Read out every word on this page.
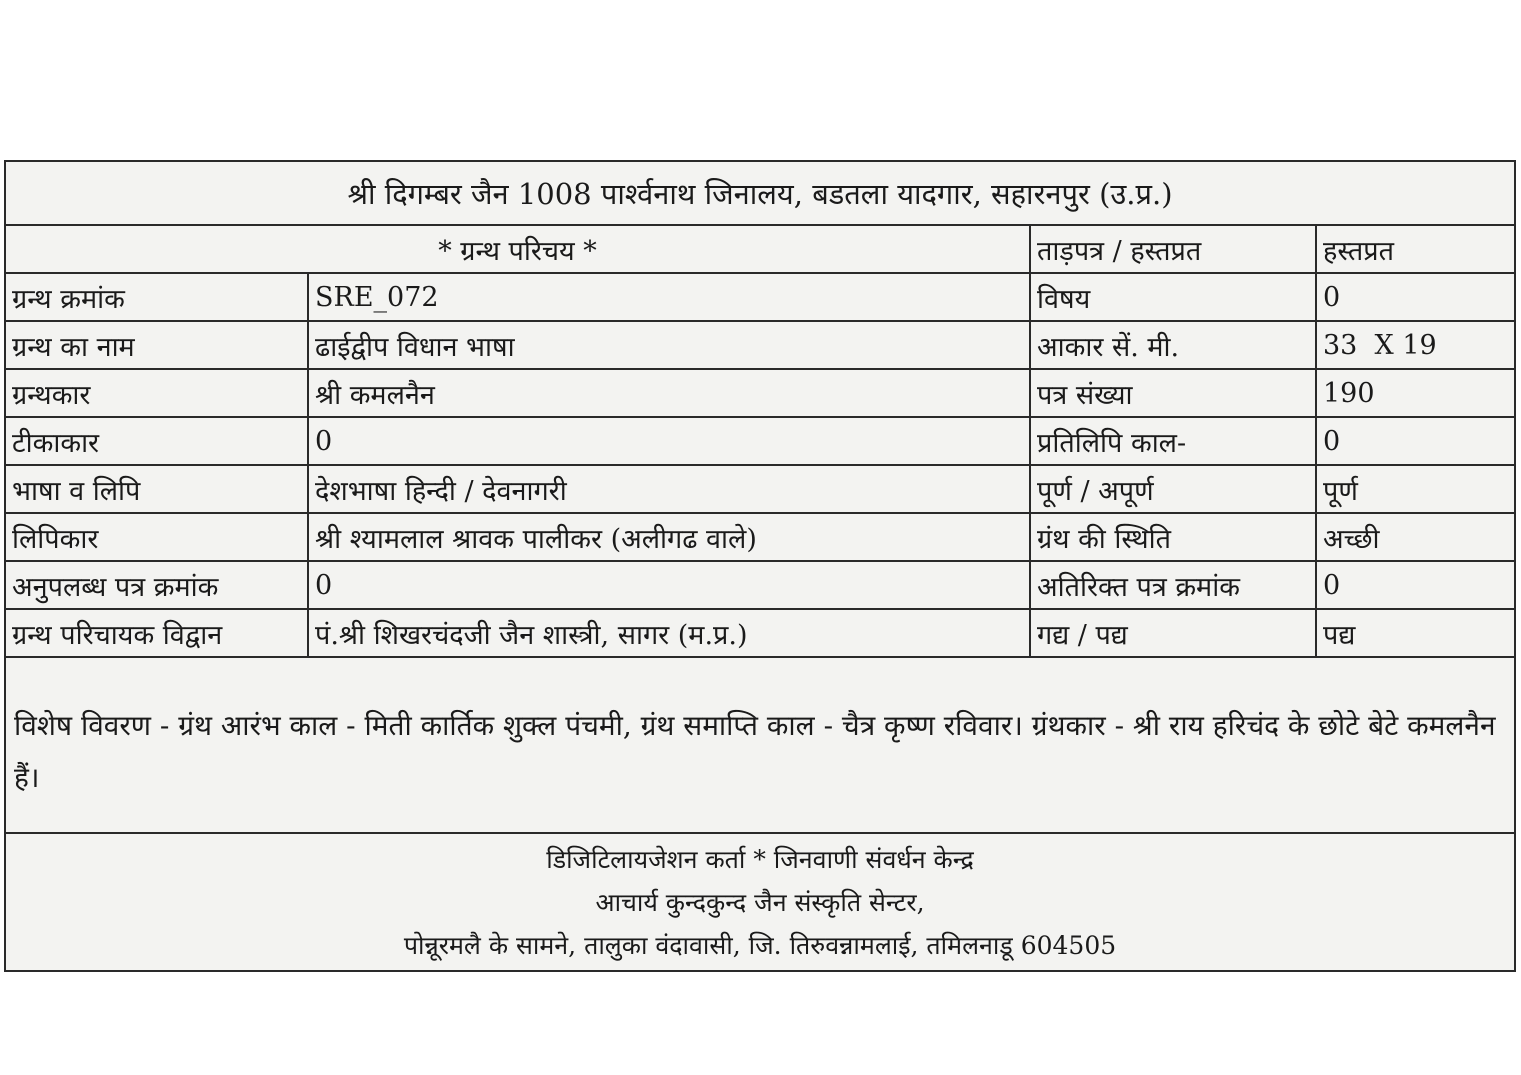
श्री दिगम्बर जैन 1008 पार्श्वनाथ जिनालय, बडतला यादगार, सहारनपुर (उ.प्र.)
* ग्रन्थ परिचय *		ताड़पत्र / हस्तप्रत	हस्तप्रत
ग्रन्थ क्रमांक	SRE_072	विषय	0
ग्रन्थ का नाम	ढाईद्वीप विधान भाषा	आकार सें. मी.	33  X 19
ग्रन्थकार	श्री कमलनैन	पत्र संख्या	190
टीकाकार	0	प्रतिलिपि काल-	0
भाषा व लिपि	देशभाषा हिन्दी / देवनागरी	पूर्ण / अपूर्ण	पूर्ण
लिपिकार	श्री श्यामलाल श्रावक पालीकर (अलीगढ वाले)	ग्रंथ की स्थिति	अच्छी
अनुपलब्ध पत्र क्रमांक	0	अतिरिक्त पत्र क्रमांक	0
ग्रन्थ परिचायक विद्वान	पं.श्री शिखरचंदजी जैन शास्त्री, सागर (म.प्र.)	गद्य / पद्य	पद्य
विशेष विवरण - ग्रंथ आरंभ काल - मिती कार्तिक शुक्ल पंचमी, ग्रंथ समाप्ति काल - चैत्र कृष्ण रविवार। ग्रंथकार - श्री राय हरिचंद के छोटे बेटे कमलनैन हैं।
डिजिटिलायजेशन कर्ता * जिनवाणी संवर्धन केन्द्र
आचार्य कुन्दकुन्द जैन संस्कृति सेन्टर,
पोन्नूरमलै के सामने, तालुका वंदावासी, जि. तिरुवन्नामलाई, तमिलनाडू 604505
